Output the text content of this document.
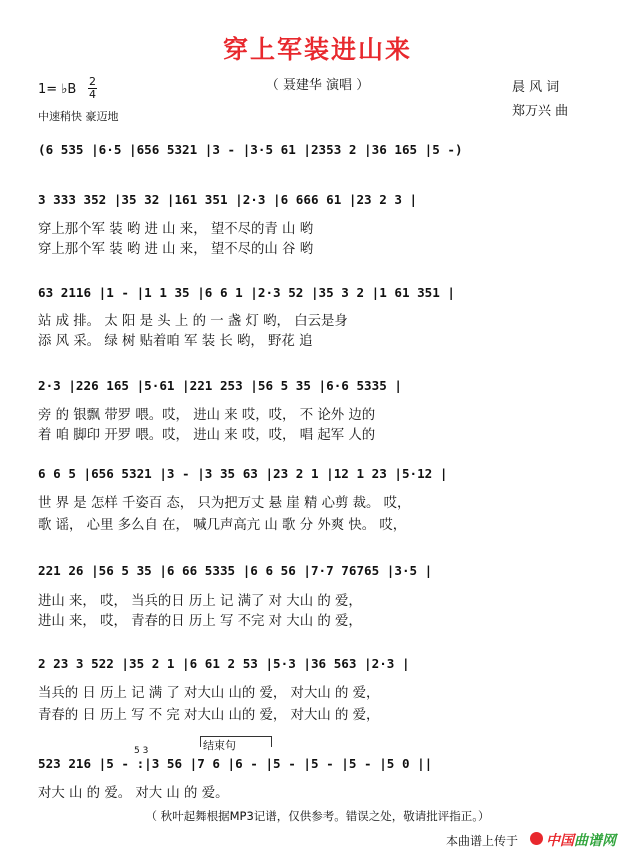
穿上军装进山来
（ 聂建华 演唱 ）
1= ♭B
2
4
中速稍快 豪迈地
晨 风 词
郑万兴 曲
(6 535 |6·5 |656 5321 |3 - |3·5 61 |2353 2 |36 165 |5 -)
3 333 352 |35 32 |161 351 |2·3 |6 666 61 |23 2 3 |
穿上那个军 装 哟 进 山 来， 望不尽的青 山 哟
穿上那个军 装 哟 进 山 来， 望不尽的山 谷 哟
63 2116 |1 - |1 1 35 |6 6 1 |2·3 52 |35 3 2 |1 61 351 |
站 成 排。 太 阳 是 头 上 的 一 盏 灯 哟， 白云是身
添 风 采。 绿 树 贴着咱 军 装 长 哟， 野花 追
2·3 |226 165 |5·61 |221 253 |56 5 35 |6·6 5335 |
旁 的 银飘 带罗 喂。哎， 进山 来 哎，哎， 不 论外 边的
着 咱 脚印 开罗 喂。哎， 进山 来 哎，哎， 唱 起军 人的
6 6 5 |656 5321 |3 - |3 35 63 |23 2 1 |12 1 23 |5·12 |
世 界 是 怎样 千姿百 态， 只为把万丈 悬 崖 精 心剪 裁。 哎，
歌 谣， 心里 多么自 在， 喊几声高亢 山 歌 分 外爽 快。 哎，
221 26 |56 5 35 |6 66 5335 |6 6 56 |7·7 76765 |3·5 |
进山 来， 哎， 当兵的日 历上 记 满了 对 大山 的 爱，
进山 来， 哎， 青春的日 历上 写 不完 对 大山 的 爱，
2 23 3 522 |35 2 1 |6 61 2 53 |5·3 |36 563 |2·3 |
当兵的 日 历上 记 满 了 对大山 山的 爱， 对大山 的 爱，
青春的 日 历上 写 不 完 对大山 山的 爱， 对大山 的 爱，
结束句
5 3
523 216 |5 - :|3 56 |7 6 |6 - |5 - |5 - |5 - |5 0 ||
对大 山 的 爱。 对大 山 的 爱。
（ 秋叶起舞根据MP3记谱，仅供参考。错误之处，敬请批评指正。）
本曲谱上传于 中国曲谱网
